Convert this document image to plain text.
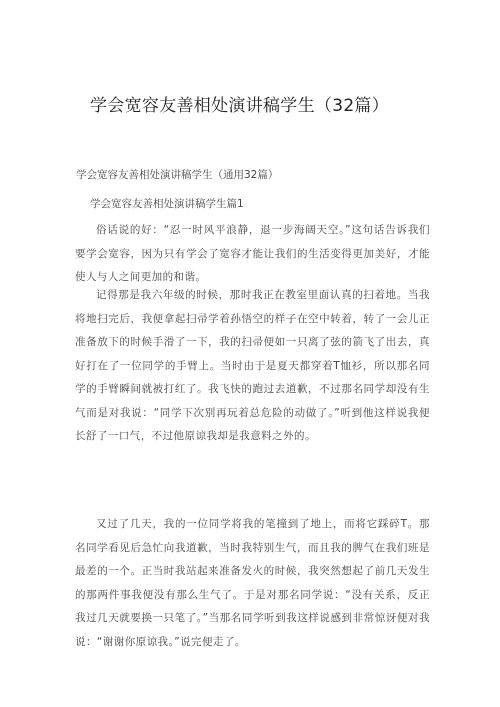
学会宽容友善相处演讲稿学生（32篇）
学会宽容友善相处演讲稿学生（通用32篇）
学会宽容友善相处演讲稿学生篇1

俗话说的好：“忍一时风平浪静，退一步海阔天空。”这句话告诉我们要学会宽容，因为只有学会了宽容才能让我们的生活变得更加美好，才能使人与人之间更加的和谐。

记得那是我六年级的时候，那时我正在教室里面认真的扫着地。当我将地扫完后，我便拿起扫帚学着孙悟空的样子在空中转着，转了一会儿正准备放下的时候手滑了一下，我的扫帚便如一只离了弦的箭飞了出去，真好打在了一位同学的手臂上。当时由于是夏天都穿着T恤衫，所以那名同学的手臂瞬间就被打红了。我飞快的跑过去道歉，不过那名同学却没有生气而是对我说：“同学下次别再玩着总危险的动做了。”听到他这样说我便长舒了一口气，不过他原谅我却是我意料之外的。

又过了几天，我的一位同学将我的笔撞到了地上，而将它踩碎T。那名同学看见后急忙向我道歉，当时我特别生气，而且我的脾气在我们班是最差的一个。正当时我站起来准备发火的时候，我突然想起了前几天发生的那两件事我便没有那么生气了。于是对那名同学说：“没有关系，反正我过几天就要换一只笔了。”当那名同学听到我这样说感到非常惊讶便对我说：“谢谢你原谅我。”说完便走了。
